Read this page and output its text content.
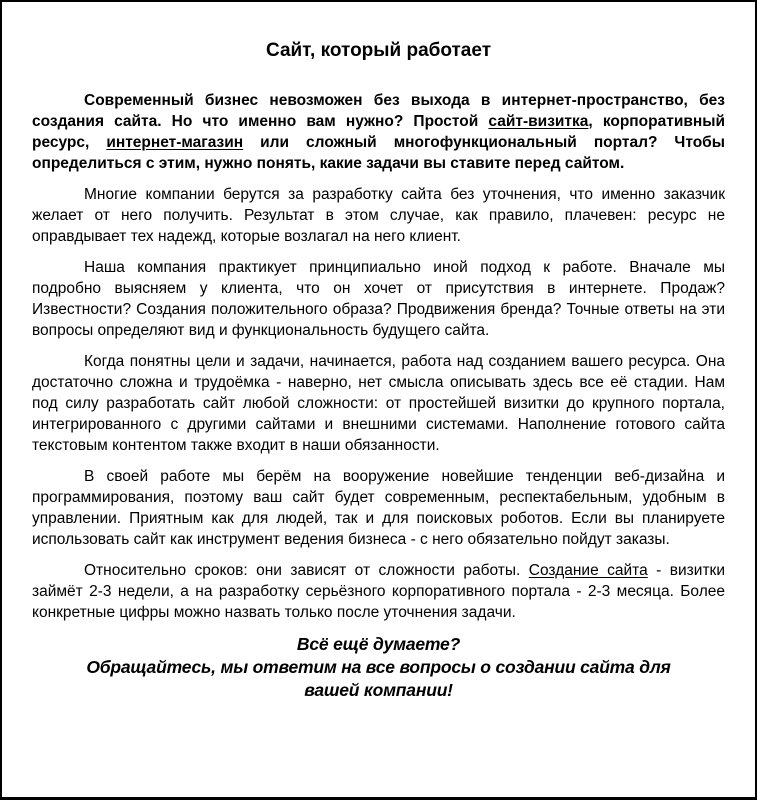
Сайт, который работает

Современный бизнес невозможен без выхода в интернет-пространство, без создания сайта. Но что именно вам нужно? Простой сайт-визитка, корпоративный ресурс, интернет-магазин или сложный многофункциональный портал? Чтобы определиться с этим, нужно понять, какие задачи вы ставите перед сайтом.

Многие компании берутся за разработку сайта без уточнения, что именно заказчик желает от него получить. Результат в этом случае, как правило, плачевен: ресурс не оправдывает тех надежд, которые возлагал на него клиент.

Наша компания практикует принципиально иной подход к работе. Вначале мы подробно выясняем у клиента, что он хочет от присутствия в интернете. Продаж? Известности? Создания положительного образа? Продвижения бренда? Точные ответы на эти вопросы определяют вид и функциональность будущего сайта.

Когда понятны цели и задачи, начинается, работа над созданием вашего ресурса. Она достаточно сложна и трудоёмка - наверно, нет смысла описывать здесь все её стадии. Нам под силу разработать сайт любой сложности: от простейшей визитки до крупного портала, интегрированного с другими сайтами и внешними системами. Наполнение готового сайта текстовым контентом также входит в наши обязанности.

В своей работе мы берём на вооружение новейшие тенденции веб-дизайна и программирования, поэтому ваш сайт будет современным, респектабельным, удобным в управлении. Приятным как для людей, так и для поисковых роботов. Если вы планируете использовать сайт как инструмент ведения бизнеса - с него обязательно пойдут заказы.

Относительно сроков: они зависят от сложности работы. Создание сайта - визитки займёт 2-3 недели, а на разработку серьёзного корпоративного портала - 2-3 месяца. Более конкретные цифры можно назвать только после уточнения задачи.

Всё ещё думаете?

Обращайтесь, мы ответим на все вопросы о создании сайта для

вашей компании!
